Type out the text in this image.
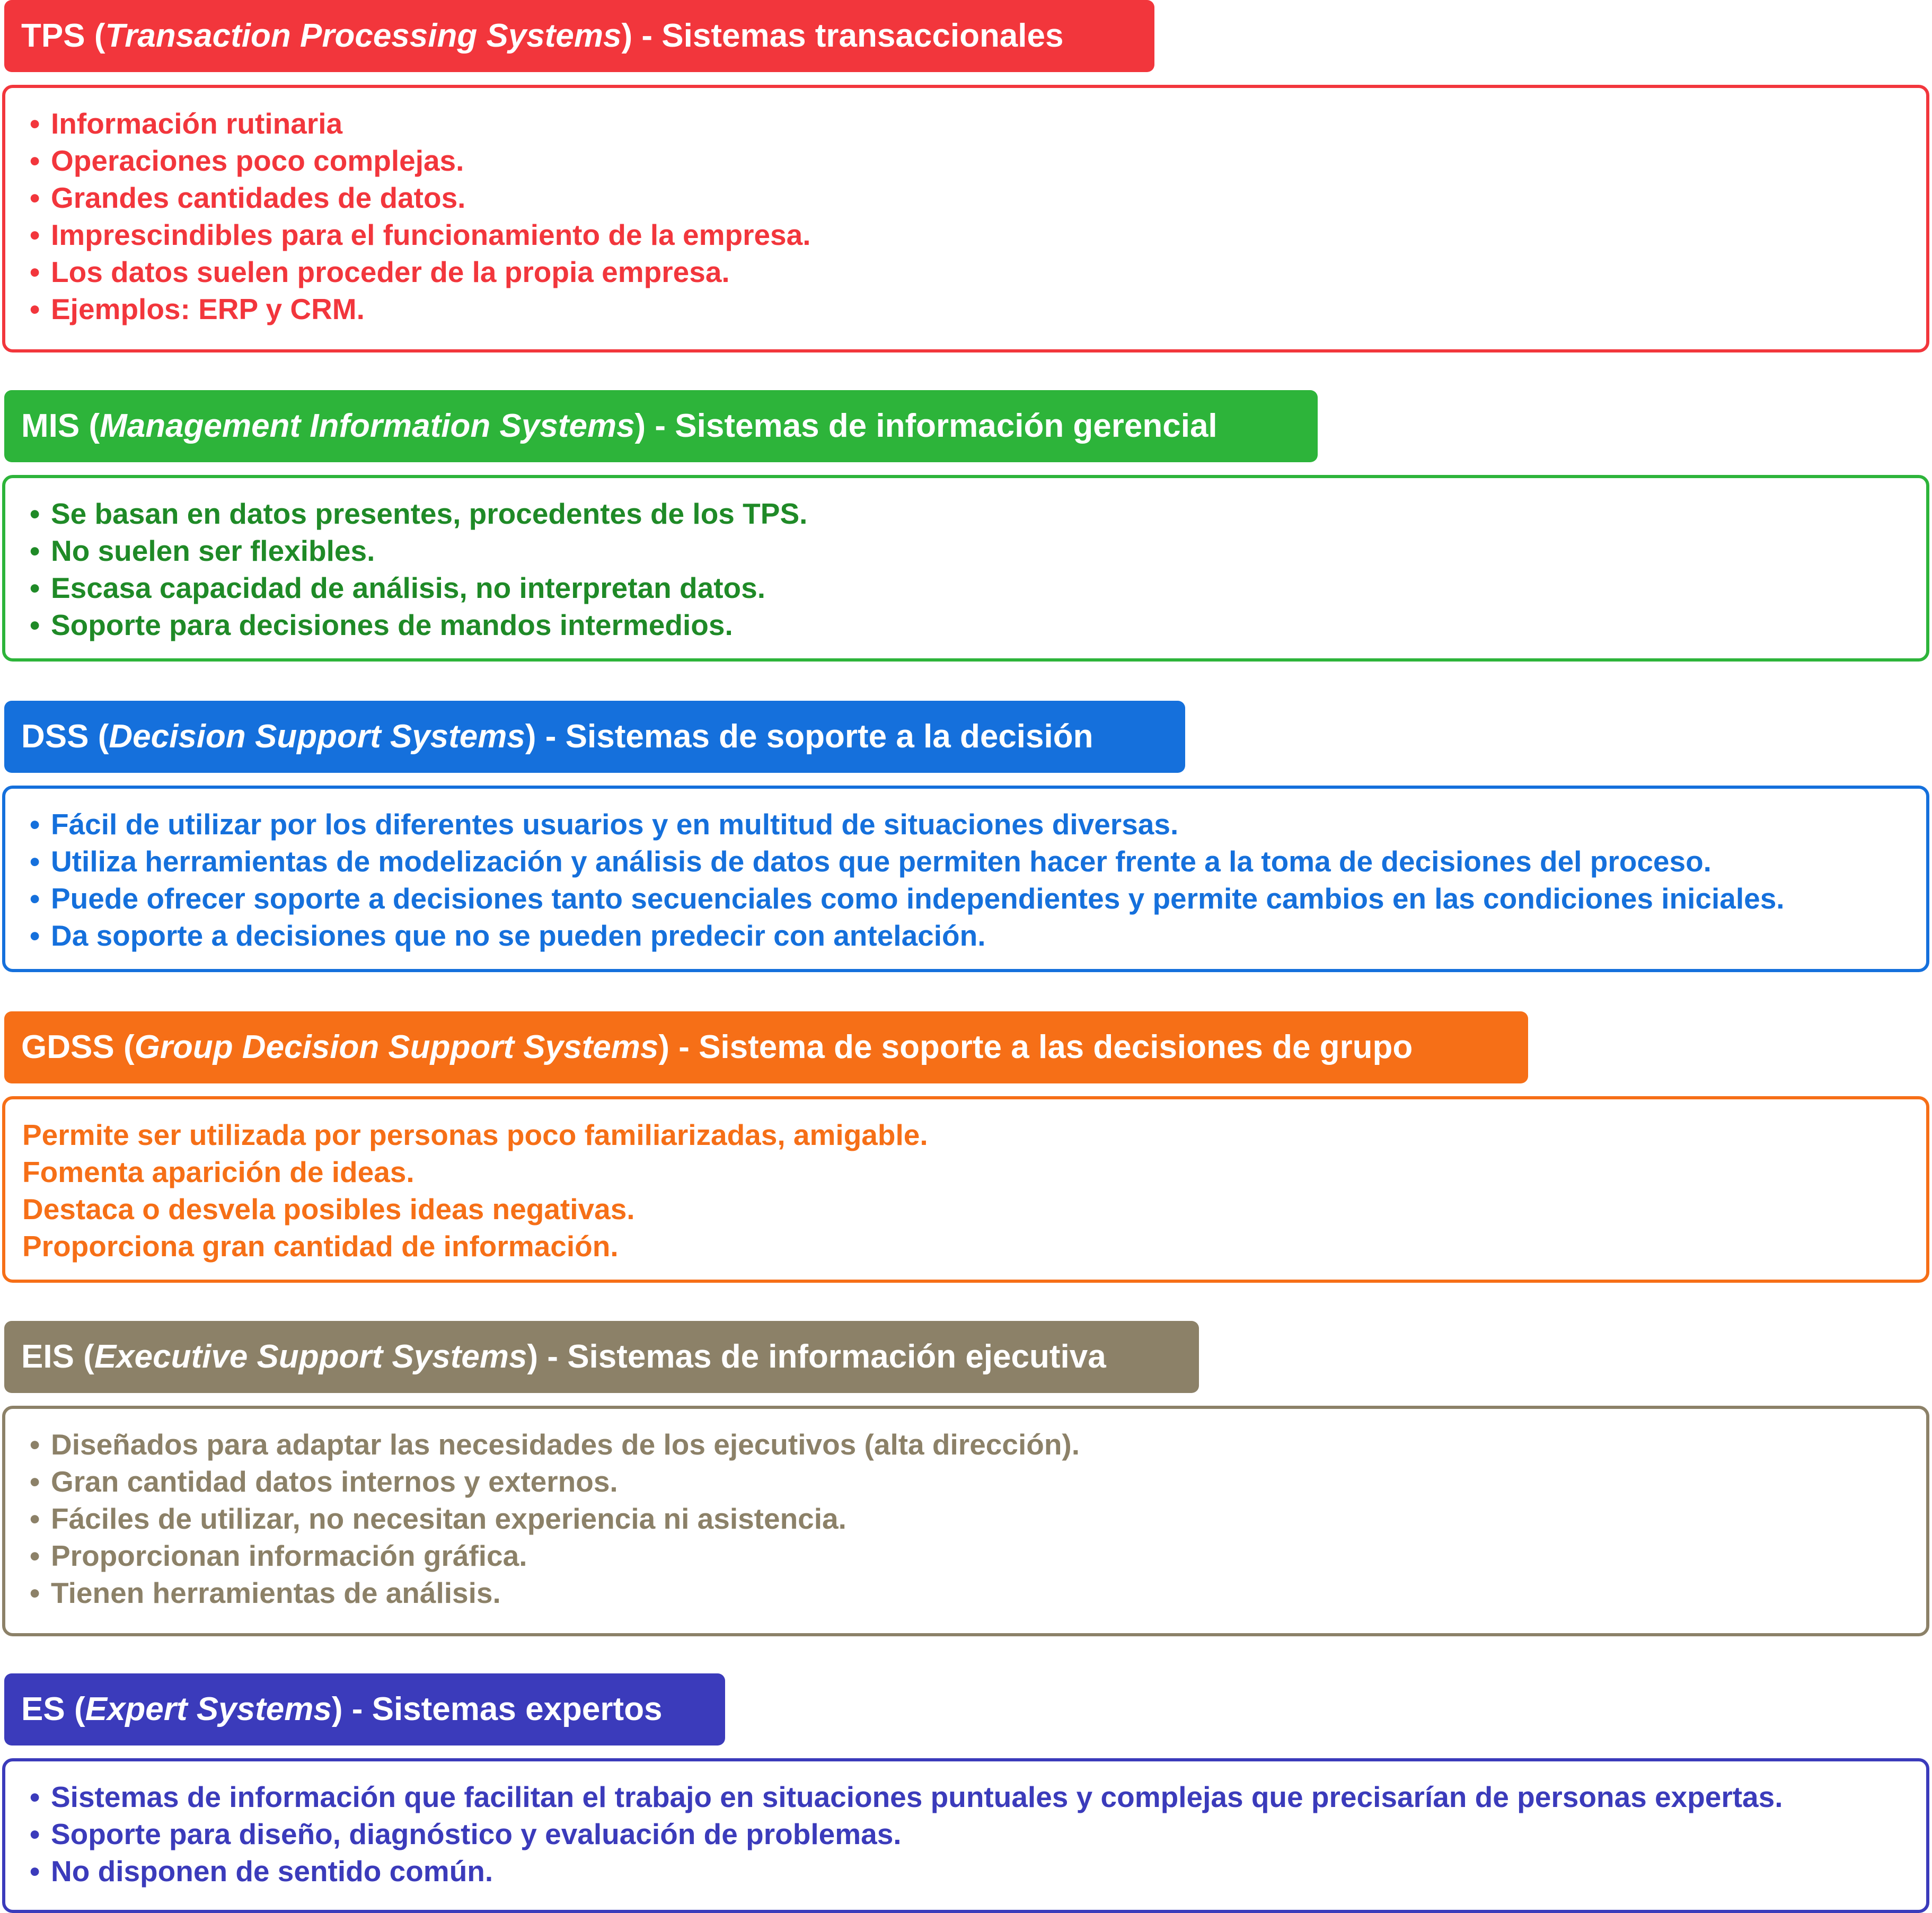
TPS (Transaction Processing Systems) - Sistemas transaccionales
• Información rutinaria
• Operaciones poco complejas.
• Grandes cantidades de datos.
• Imprescindibles para el funcionamiento de la empresa.
• Los datos suelen proceder de la propia empresa.
• Ejemplos: ERP y CRM.
MIS (Management Information Systems) - Sistemas de información gerencial
• Se basan en datos presentes, procedentes de los TPS.
• No suelen ser flexibles.
• Escasa capacidad de análisis, no interpretan datos.
• Soporte para decisiones de mandos intermedios.
DSS (Decision Support Systems) - Sistemas de soporte a la decisión
• Fácil de utilizar por los diferentes usuarios y en multitud de situaciones diversas.
• Utiliza herramientas de modelización y análisis de datos que permiten hacer frente a la toma de decisiones del proceso.
• Puede ofrecer soporte a decisiones tanto secuenciales como independientes y permite cambios en las condiciones iniciales.
• Da soporte a decisiones que no se pueden predecir con antelación.
GDSS (Group Decision Support Systems) - Sistema de soporte a las decisiones de grupo
Permite ser utilizada por personas poco familiarizadas, amigable.
Fomenta aparición de ideas.
Destaca o desvela posibles ideas negativas.
Proporciona gran cantidad de información.
EIS (Executive Support Systems) - Sistemas de información ejecutiva
• Diseñados para adaptar las necesidades de los ejecutivos (alta dirección).
• Gran cantidad datos internos y externos.
• Fáciles de utilizar, no necesitan experiencia ni asistencia.
• Proporcionan información gráfica.
• Tienen herramientas de análisis.
ES (Expert Systems) - Sistemas expertos
• Sistemas de información que facilitan el trabajo en situaciones puntuales y complejas que precisarían de personas expertas.
• Soporte para diseño, diagnóstico y evaluación de problemas.
• No disponen de sentido común.
